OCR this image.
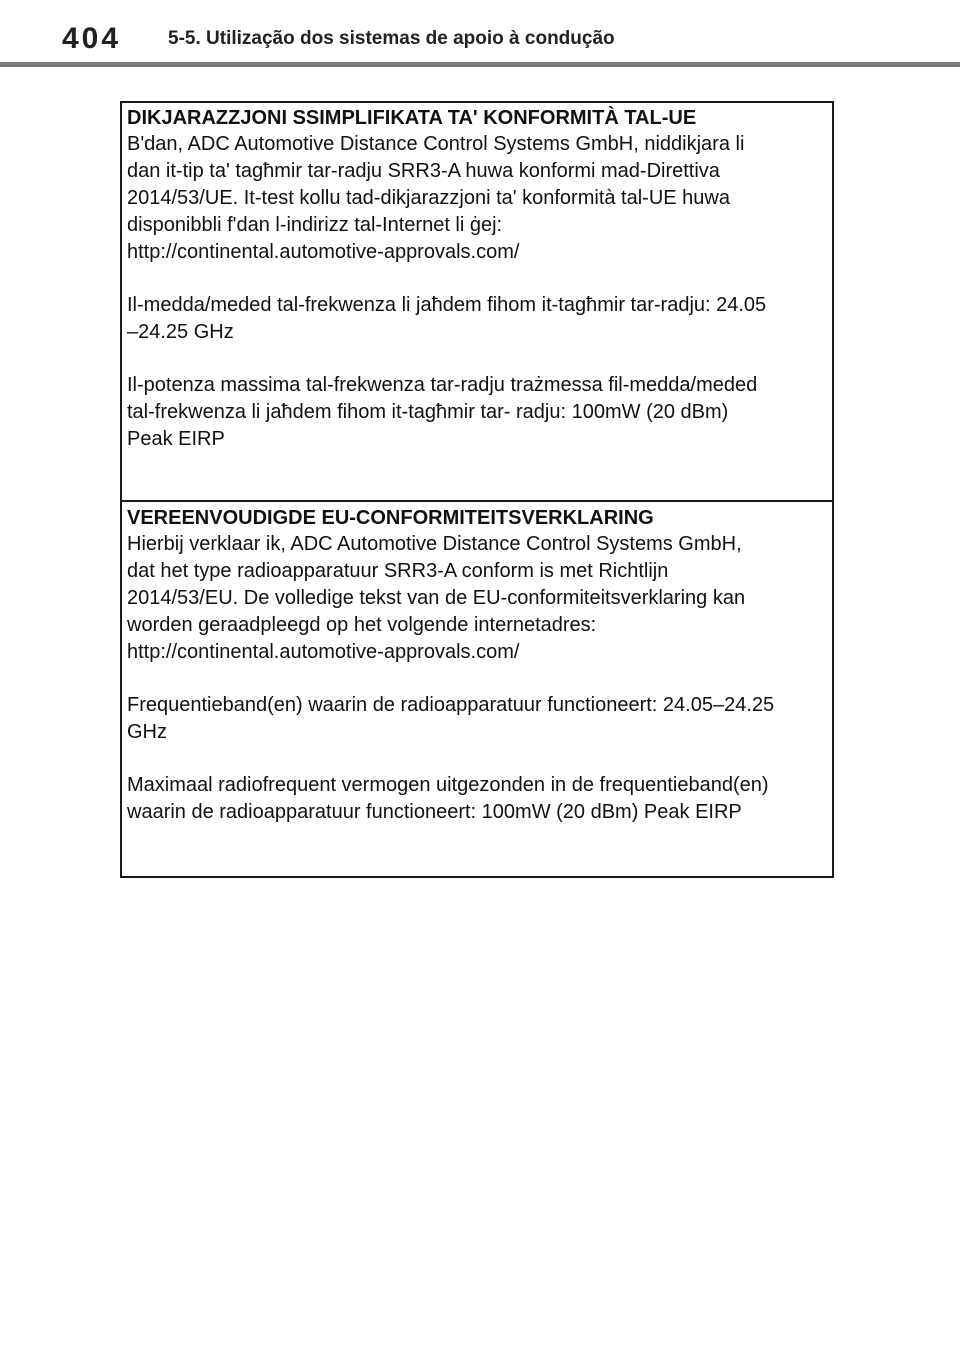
404 5-5. Utilização dos sistemas de apoio à condução
DIKJARAZZJONI SSIMPLIFIKATA TA' KONFORMITÀ TAL-UE

B'dan, ADC Automotive Distance Control Systems GmbH, niddikjara li
dan it-tip ta' tagħmir tar-radju SRR3-A huwa konformi mad-Direttiva
2014/53/UE. It-test kollu tad-dikjarazzjoni ta' konformità tal-UE huwa
disponibbli f'dan l-indirizz tal-Internet li ġej:
http://continental.automotive-approvals.com/

Il-medda/meded tal-frekwenza li jaħdem fihom it-tagħmir tar-radju: 24.05
–24.25 GHz

Il-potenza massima tal-frekwenza tar-radju trażmessa fil-medda/meded
tal-frekwenza li jaħdem fihom it-tagħmir tar- radju: 100mW (20 dBm)
Peak EIRP

VEREENVOUDIGDE EU-CONFORMITEITSVERKLARING

Hierbij verklaar ik, ADC Automotive Distance Control Systems GmbH,
dat het type radioapparatuur SRR3-A conform is met Richtlijn
2014/53/EU. De volledige tekst van de EU-conformiteitsverklaring kan
worden geraadpleegd op het volgende internetadres:
http://continental.automotive-approvals.com/

Frequentieband(en) waarin de radioapparatuur functioneert: 24.05–24.25
GHz

Maximaal radiofrequent vermogen uitgezonden in de frequentieband(en)
waarin de radioapparatuur functioneert: 100mW (20 dBm) Peak EIRP
